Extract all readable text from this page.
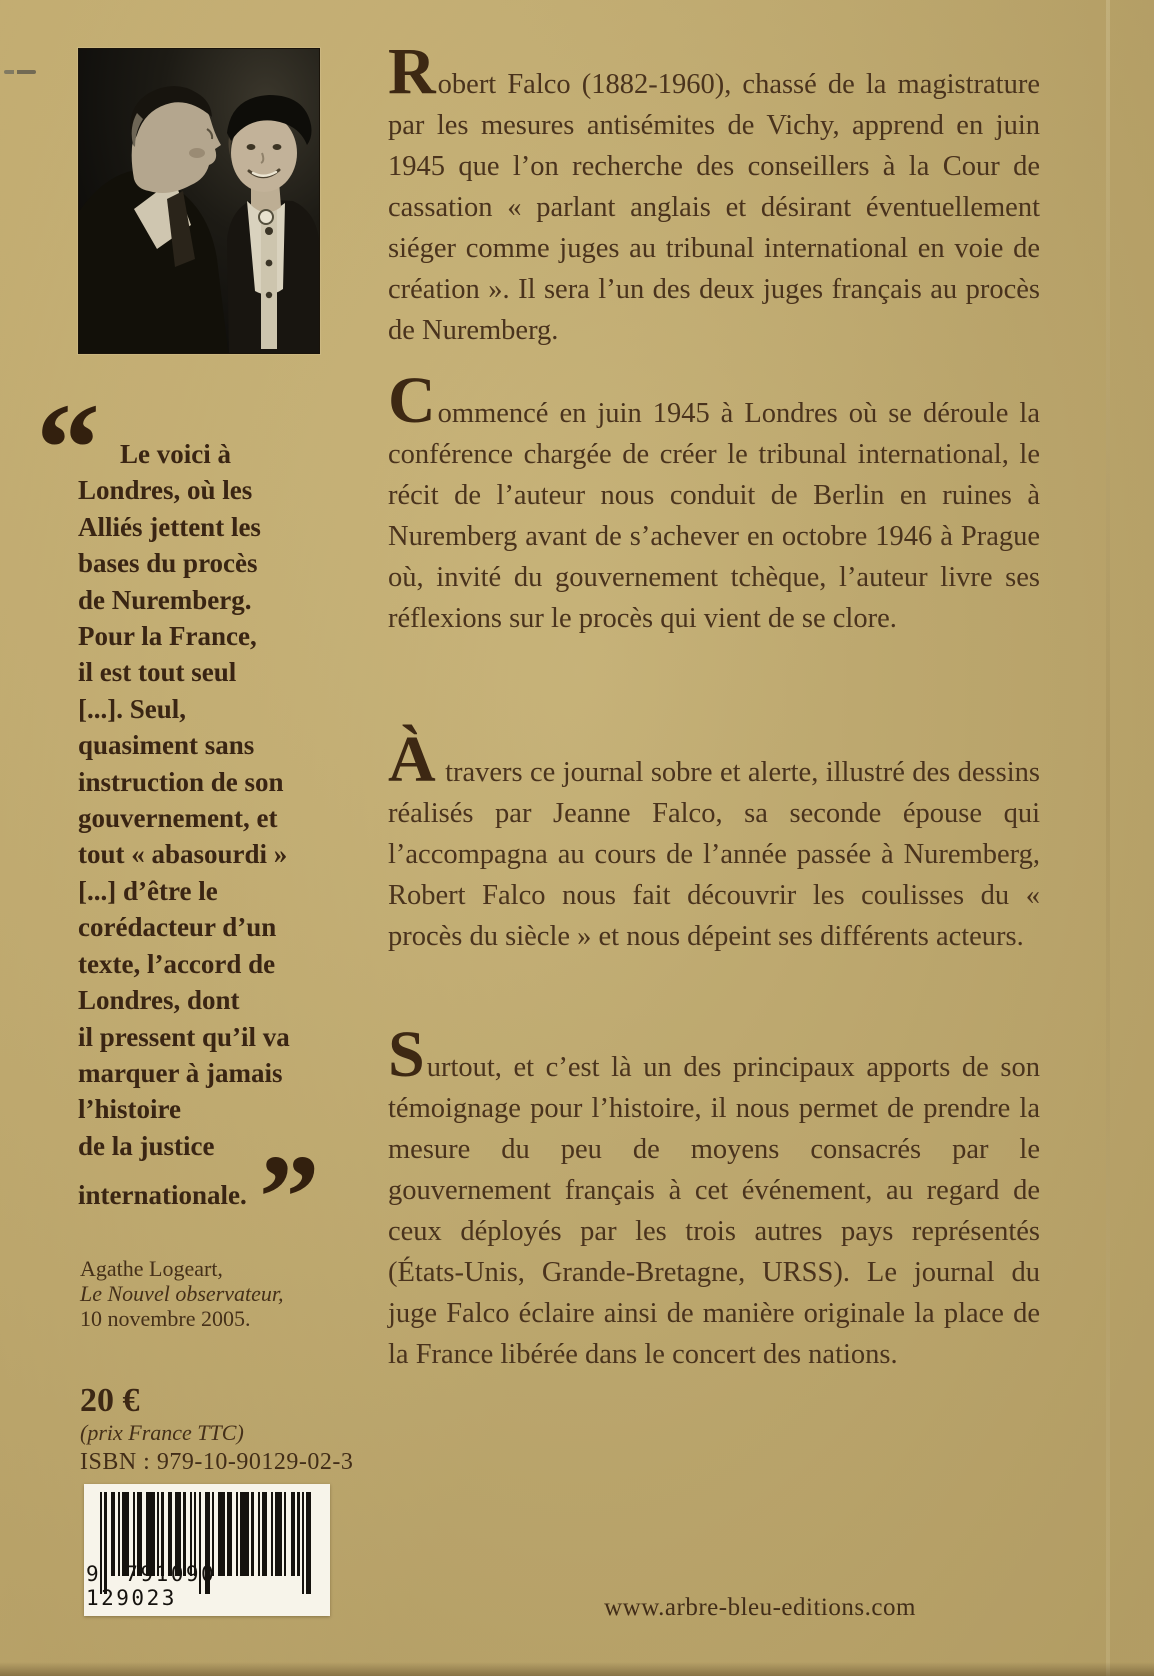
“ Le voici à
Londres, où les
Alliés jettent les
bases du procès
de Nuremberg.
Pour la France,
il est tout seul
[...]. Seul,
quasiment sans
instruction de son
gouvernement, et
tout « abasourdi »
[...] d’être le
corédacteur d’un
texte, l’accord de
Londres, dont
il pressent qu’il va
marquer à jamais
l’histoire
de la justice
internationale.”
Agathe Logeart,
Le Nouvel observateur,
10 novembre 2005.
20 €
(prix France TTC)
ISBN : 979-10-90129-02-3
9 791090 129023

Robert Falco (1882-1960), chassé de la magistrature par les mesures antisémites de Vichy, apprend en juin 1945 que l’on recherche des conseillers à la Cour de cassation « parlant anglais et désirant éventuellement siéger comme juges au tribunal international en voie de création ». Il sera l’un des deux juges français au procès de Nuremberg.

Commencé en juin 1945 à Londres où se déroule la conférence chargée de créer le tribunal international, le récit de l’auteur nous conduit de Berlin en ruines à Nuremberg avant de s’achever en octobre 1946 à Prague où, invité du gouvernement tchèque, l’auteur livre ses réflexions sur le procès qui vient de se clore.

À travers ce journal sobre et alerte, illustré des dessins réalisés par Jeanne Falco, sa seconde épouse qui l’accompagna au cours de l’année passée à Nuremberg, Robert Falco nous fait découvrir les coulisses du « procès du siècle » et nous dépeint ses différents acteurs.

Surtout, et c’est là un des principaux apports de son témoignage pour l’histoire, il nous permet de prendre la mesure du peu de moyens consacrés par le gouvernement français à cet événement, au regard de ceux déployés par les trois autres pays représentés (États-Unis, Grande-Bretagne, URSS). Le journal du juge Falco éclaire ainsi de manière originale la place de la France libérée dans le concert des nations.

www.arbre-bleu-editions.com
